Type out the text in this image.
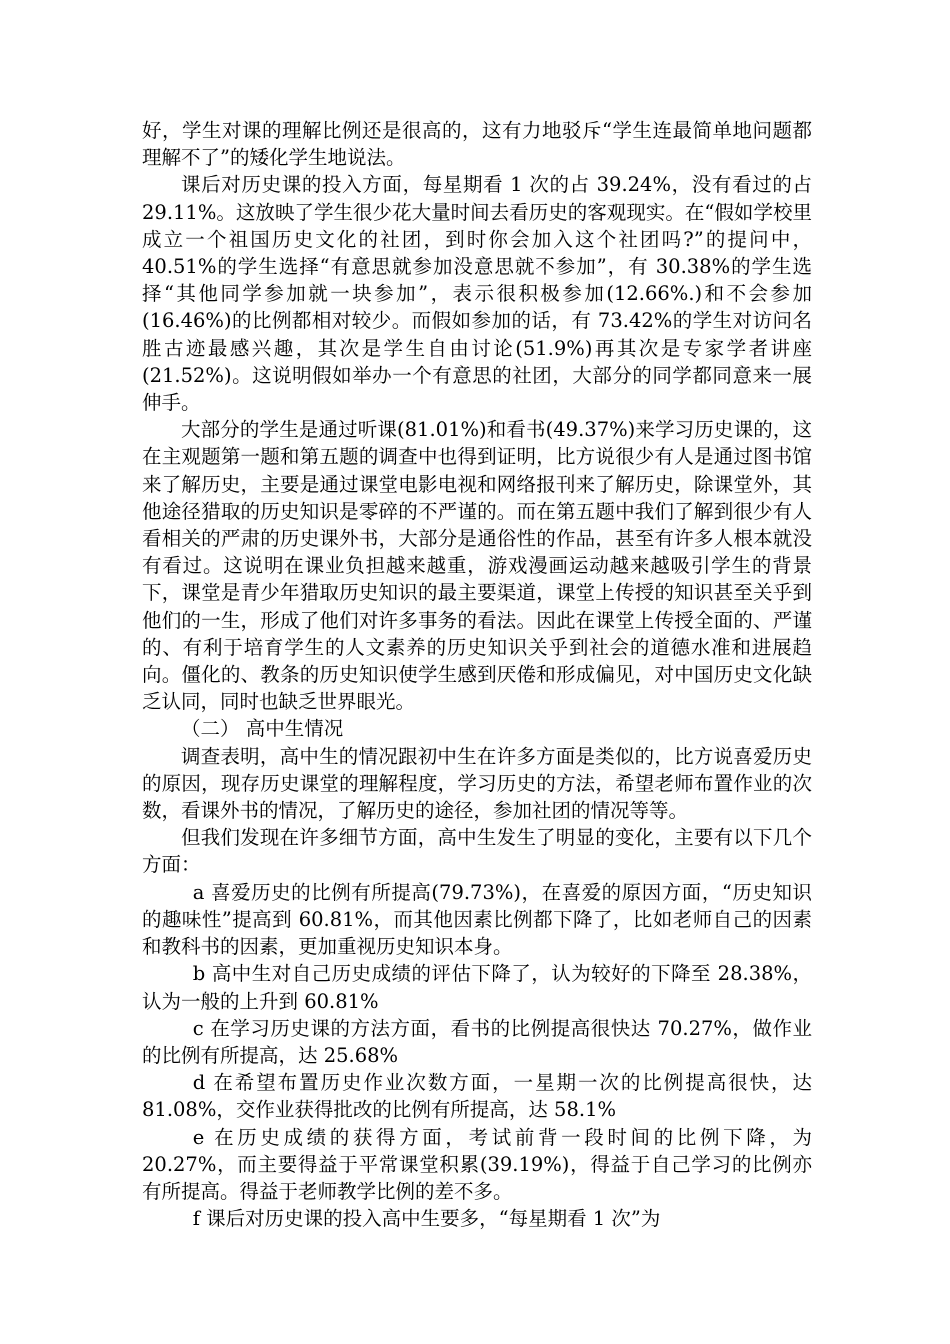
好，学生对课的理解比例还是很高的，这有力地驳斥“学生连最简单地问题都理解不了”的矮化学生地说法。

课后对历史课的投入方面，每星期看 1 次的占 39.24%，没有看过的占 29.11%。这放映了学生很少花大量时间去看历史的客观现实。在“假如学校里成立一个祖国历史文化的社团，到时你会加入这个社团吗?”的提问中，40.51%的学生选择“有意思就参加没意思就不参加”，有 30.38%的学生选择“其他同学参加就一块参加”，表示很积极参加(12.66%.)和不会参加(16.46%)的比例都相对较少。而假如参加的话，有 73.42%的学生对访问名胜古迹最感兴趣，其次是学生自由讨论(51.9%)再其次是专家学者讲座(21.52%)。这说明假如举办一个有意思的社团，大部分的同学都同意来一展伸手。

大部分的学生是通过听课(81.01%)和看书(49.37%)来学习历史课的，这在主观题第一题和第五题的调查中也得到证明，比方说很少有人是通过图书馆来了解历史，主要是通过课堂电影电视和网络报刊来了解历史，除课堂外，其他途径猎取的历史知识是零碎的不严谨的。而在第五题中我们了解到很少有人看相关的严肃的历史课外书，大部分是通俗性的作品，甚至有许多人根本就没有看过。这说明在课业负担越来越重，游戏漫画运动越来越吸引学生的背景下，课堂是青少年猎取历史知识的最主要渠道，课堂上传授的知识甚至关乎到他们的一生，形成了他们对许多事务的看法。因此在课堂上传授全面的、严谨的、有利于培育学生的人文素养的历史知识关乎到社会的道德水准和进展趋向。僵化的、教条的历史知识使学生感到厌倦和形成偏见，对中国历史文化缺乏认同，同时也缺乏世界眼光。

（二） 高中生情况

调查表明，高中生的情况跟初中生在许多方面是类似的，比方说喜爱历史的原因，现存历史课堂的理解程度，学习历史的方法，希望老师布置作业的次数，看课外书的情况，了解历史的途径，参加社团的情况等等。

但我们发现在许多细节方面，高中生发生了明显的变化，主要有以下几个方面：

a 喜爱历史的比例有所提高(79.73%)，在喜爱的原因方面，“历史知识的趣味性”提高到 60.81%，而其他因素比例都下降了，比如老师自己的因素和教科书的因素，更加重视历史知识本身。

b 高中生对自己历史成绩的评估下降了，认为较好的下降至 28.38%，认为一般的上升到 60.81%

c 在学习历史课的方法方面，看书的比例提高很快达 70.27%，做作业的比例有所提高，达 25.68%

d 在希望布置历史作业次数方面，一星期一次的比例提高很快，达 81.08%，交作业获得批改的比例有所提高，达 58.1%

e 在历史成绩的获得方面，考试前背一段时间的比例下降，为 20.27%，而主要得益于平常课堂积累(39.19%)，得益于自己学习的比例亦有所提高。得益于老师教学比例的差不多。

f 课后对历史课的投入高中生要多，“每星期看 1 次”为
